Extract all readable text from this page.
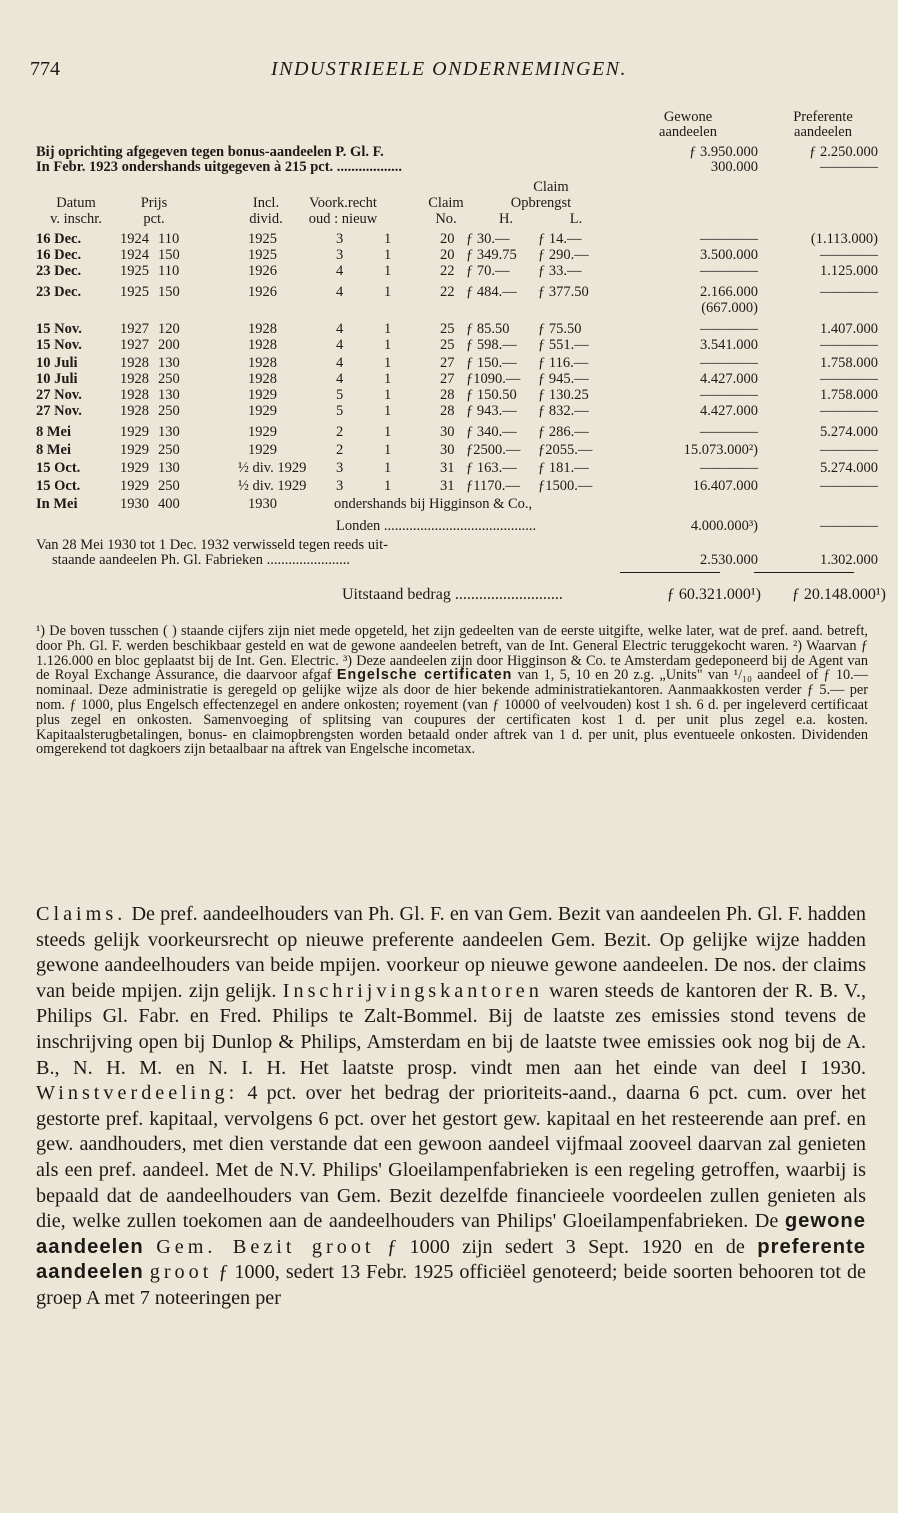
774	INDUSTRIEELE ONDERNEMINGEN.
Gewone	Preferente
aandeelen	aandeelen
Bij oprichting afgegeven tegen bonus-aandeelen P. Gl. F.	ƒ 3.950.000	ƒ 2.250.000
In Febr. 1923 ondershands uitgegeven à 215 pct. ..................	300.000	————
Claim
Datum	Prijs	Incl.	Voork.recht	Claim	Opbrengst
v. inschr.	pct.	divid.	oud : nieuw	No.	H.	L.
16 Dec.	1924 110	1925	3	1	20 ƒ 30.— ƒ 14.—	————	(1.113.000)
16 Dec.	1924 150	1925	3	1	20 ƒ 349.75 ƒ 290.—	3.500.000	————
23 Dec.	1925 110	1926	4	1	22 ƒ 70.— ƒ 33.—	————	1.125.000
23 Dec.	1925 150	1926	4	1	22 ƒ 484.— ƒ 377.50	2.166.000	————
(667.000)
15 Nov.	1927 120	1928	4	1	25 ƒ 85.50 ƒ 75.50	————	1.407.000
15 Nov.	1927 200	1928	4	1	25 ƒ 598.— ƒ 551.—	3.541.000	————
10 Juli	1928 130	1928	4	1	27 ƒ 150.— ƒ 116.—	————	1.758.000
10 Juli	1928 250	1928	4	1	27 ƒ1090.— ƒ 945.—	4.427.000	————
27 Nov.	1928 130	1929	5	1	28 ƒ 150.50 ƒ 130.25	————	1.758.000
27 Nov.	1928 250	1929	5	1	28 ƒ 943.— ƒ 832.—	4.427.000	————
8 Mei	1929 130	1929	2	1	30 ƒ 340.— ƒ 286.—	————	5.274.000
8 Mei	1929 250	1929	2	1	30 ƒ2500.— ƒ2055.—	15.073.000²)	————
15 Oct.	1929 130	½ div. 1929 3	1	31 ƒ 163.— ƒ 181.—	————	5.274.000
15 Oct.	1929 250	½ div. 1929 3	1	31 ƒ1170.— ƒ1500.—	16.407.000	————
In Mei	1930 400	1930	ondershands bij Higginson & Co.,
Londen ..........................................	4.000.000³)	————
Van 28 Mei 1930 tot 1 Dec. 1932 verwisseld tegen reeds uit-
staande aandeelen Ph. Gl. Fabrieken .......................	2.530.000	1.302.000
Uitstaand bedrag ...........................	ƒ 60.321.000¹)	ƒ 20.148.000¹)

¹) De boven tusschen ( ) staande cijfers zijn niet mede opgeteld, het zijn gedeelten van de eerste uitgifte, welke later, wat de pref. aand. betreft, door Ph. Gl. F. werden beschikbaar gesteld en wat de gewone aandeelen betreft, van de Int. General Electric teruggekocht waren. ²) Waarvan ƒ 1.126.000 en bloc geplaatst bij de Int. Gen. Electric. ³) Deze aandeelen zijn door Higginson & Co. te Amsterdam gedeponeerd bij de Agent van de Royal Exchange Assurance, die daarvoor afgaf Engelsche certificaten van 1, 5, 10 en 20 z.g. „Units" van ¹/₁₀ aandeel of ƒ 10.— nominaal. Deze administratie is geregeld op gelijke wijze als door de hier bekende administratiekantoren. Aanmaakkosten verder ƒ 5.— per nom. ƒ 1000, plus Engelsch effectenzegel en andere onkosten; royement (van ƒ 10000 of veelvouden) kost 1 sh. 6 d. per ingeleverd certificaat plus zegel en onkosten. Samenvoeging of splitsing van coupures der certificaten kost 1 d. per unit plus zegel e.a. kosten. Kapitaalsterugbetalingen, bonus- en claimopbrengsten worden betaald onder aftrek van 1 d. per unit, plus eventueele onkosten. Dividenden omgerekend tot dagkoers zijn betaalbaar na aftrek van Engelsche incometax.

Claims. De pref. aandeelhouders van Ph. Gl. F. en van Gem. Bezit van aandeelen Ph. Gl. F. hadden steeds gelijk voorkeursrecht op nieuwe preferente aandeelen Gem. Bezit. Op gelijke wijze hadden gewone aandeelhouders van beide mpijen. voorkeur op nieuwe gewone aandeelen. De nos. der claims van beide mpijen. zijn gelijk. Inschrijvingskantoren waren steeds de kantoren der R. B. V., Philips Gl. Fabr. en Fred. Philips te Zalt-Bommel. Bij de laatste zes emissies stond tevens de inschrijving open bij Dunlop & Philips, Amsterdam en bij de laatste twee emissies ook nog bij de A. B., N. H. M. en N. I. H. Het laatste prosp. vindt men aan het einde van deel I 1930. Winstverdeeling: 4 pct. over het bedrag der prioriteits-aand., daarna 6 pct. cum. over het gestorte pref. kapitaal, vervolgens 6 pct. over het gestort gew. kapitaal en het resteerende aan pref. en gew. aandhouders, met dien verstande dat een gewoon aandeel vijfmaal zooveel daarvan zal genieten als een pref. aandeel. Met de N.V. Philips' Gloeilampenfabrieken is een regeling getroffen, waarbij is bepaald dat de aandeelhouders van Gem. Bezit dezelfde financieele voordeelen zullen genieten als die, welke zullen toekomen aan de aandeelhouders van Philips' Gloeilampenfabrieken. De gewone aandeelen Gem. Bezit groot ƒ 1000 zijn sedert 3 Sept. 1920 en de preferente aandeelen groot ƒ 1000, sedert 13 Febr. 1925 officiëel genoteerd; beide soorten behooren tot de groep A met 7 noteeringen per
